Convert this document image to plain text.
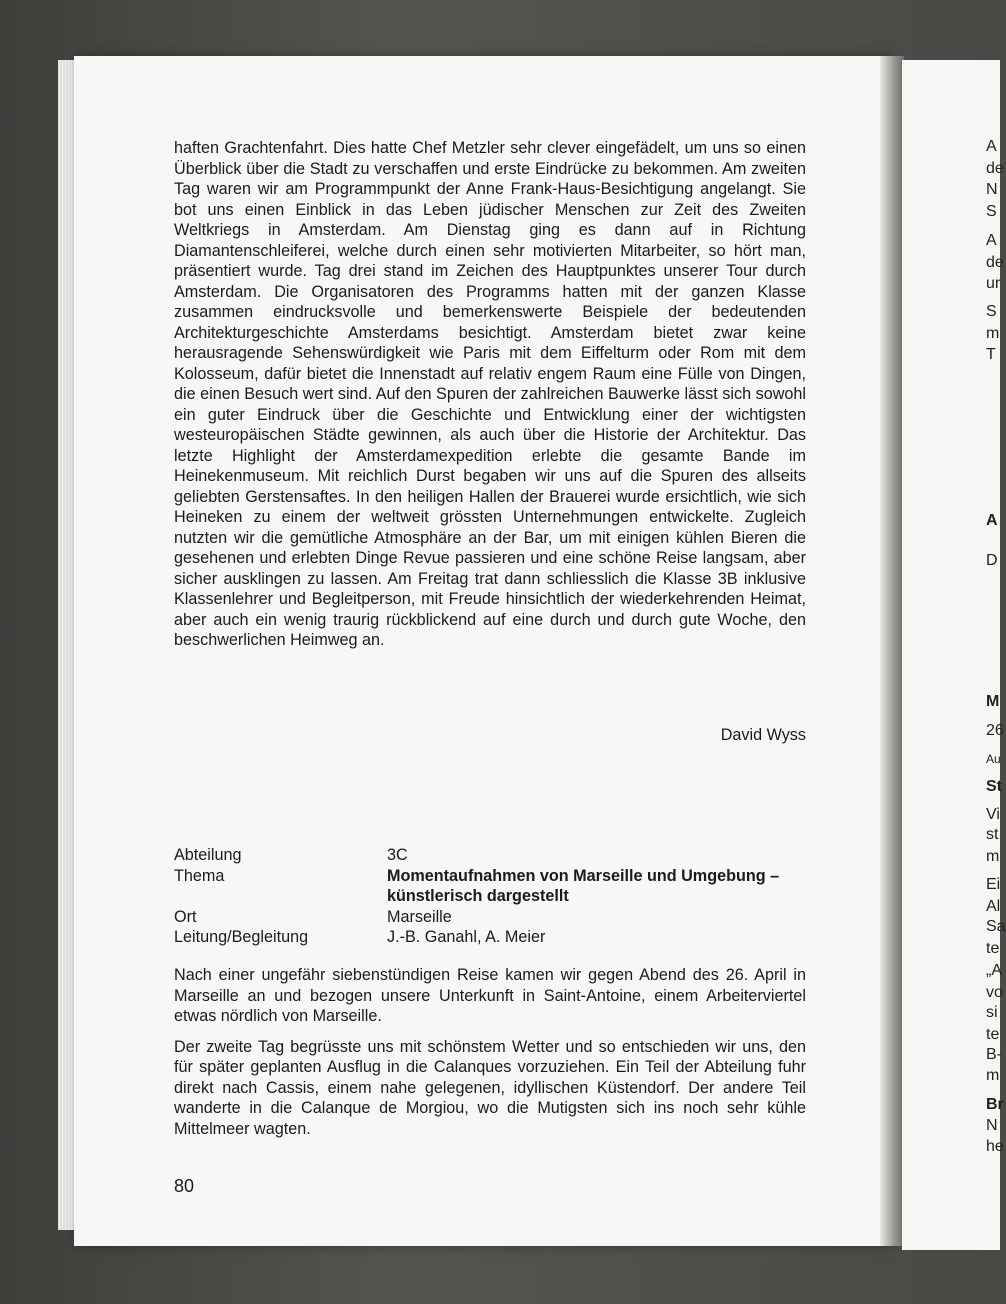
A
de
N
S
A
de
ur
S
m
T
A
D
M
26
Au
St
Vi
st
m
Ei
Al
Sa
te
„A
vo
si
te
B-
m
Br
N
he
haften Grachtenfahrt. Dies hatte Chef Metzler sehr clever eingefädelt, um uns so einen Überblick über die Stadt zu verschaffen und erste Eindrücke zu bekommen. Am zweiten Tag waren wir am Programmpunkt der Anne Frank-Haus-Besichtigung angelangt. Sie bot uns einen Einblick in das Leben jüdischer Menschen zur Zeit des Zweiten Weltkriegs in Amsterdam. Am Dienstag ging es dann auf in Richtung Diamantenschleiferei, welche durch einen sehr motivierten Mitarbeiter, so hört man, präsentiert wurde. Tag drei stand im Zeichen des Hauptpunktes unserer Tour durch Amsterdam. Die Organisatoren des Programms hatten mit der ganzen Klasse zusammen eindrucksvolle und bemerkenswerte Beispiele der bedeutenden Architekturgeschichte Amsterdams besichtigt. Amsterdam bietet zwar keine herausragende Sehenswürdigkeit wie Paris mit dem Eiffelturm oder Rom mit dem Kolosseum, dafür bietet die Innenstadt auf relativ engem Raum eine Fülle von Dingen, die einen Besuch wert sind. Auf den Spuren der zahlreichen Bauwerke lässt sich sowohl ein guter Eindruck über die Geschichte und Entwicklung einer der wichtigsten westeuropäischen Städte gewinnen, als auch über die Historie der Architektur. Das letzte Highlight der Amsterdamexpedition erlebte die gesamte Bande im Heinekenmuseum. Mit reichlich Durst begaben wir uns auf die Spuren des allseits geliebten Gerstensaftes. In den heiligen Hallen der Brauerei wurde ersichtlich, wie sich Heineken zu einem der weltweit grössten Unternehmungen entwickelte. Zugleich nutzten wir die gemütliche Atmosphäre an der Bar, um mit einigen kühlen Bieren die gesehenen und erlebten Dinge Revue passieren und eine schöne Reise langsam, aber sicher ausklingen zu lassen. Am Freitag trat dann schliesslich die Klasse 3B inklusive Klassenlehrer und Begleitperson, mit Freude hinsichtlich der wiederkehrenden Heimat, aber auch ein wenig traurig rückblickend auf eine durch und durch gute Woche, den beschwerlichen Heimweg an.
David Wyss
Abteilung	3C
Thema	Momentaufnahmen von Marseille und Umgebung – künstlerisch dargestellt
Ort	Marseille
Leitung/Begleitung	J.-B. Ganahl, A. Meier

Nach einer ungefähr siebenstündigen Reise kamen wir gegen Abend des 26. April in Marseille an und bezogen unsere Unterkunft in Saint-Antoine, einem Arbeiterviertel etwas nördlich von Marseille.

Der zweite Tag begrüsste uns mit schönstem Wetter und so entschieden wir uns, den für später geplanten Ausflug in die Calanques vorzuziehen. Ein Teil der Abteilung fuhr direkt nach Cassis, einem nahe gelegenen, idyllischen Küstendorf. Der andere Teil wanderte in die Calanque de Morgiou, wo die Mutigsten sich ins noch sehr kühle Mittelmeer wagten.

80
